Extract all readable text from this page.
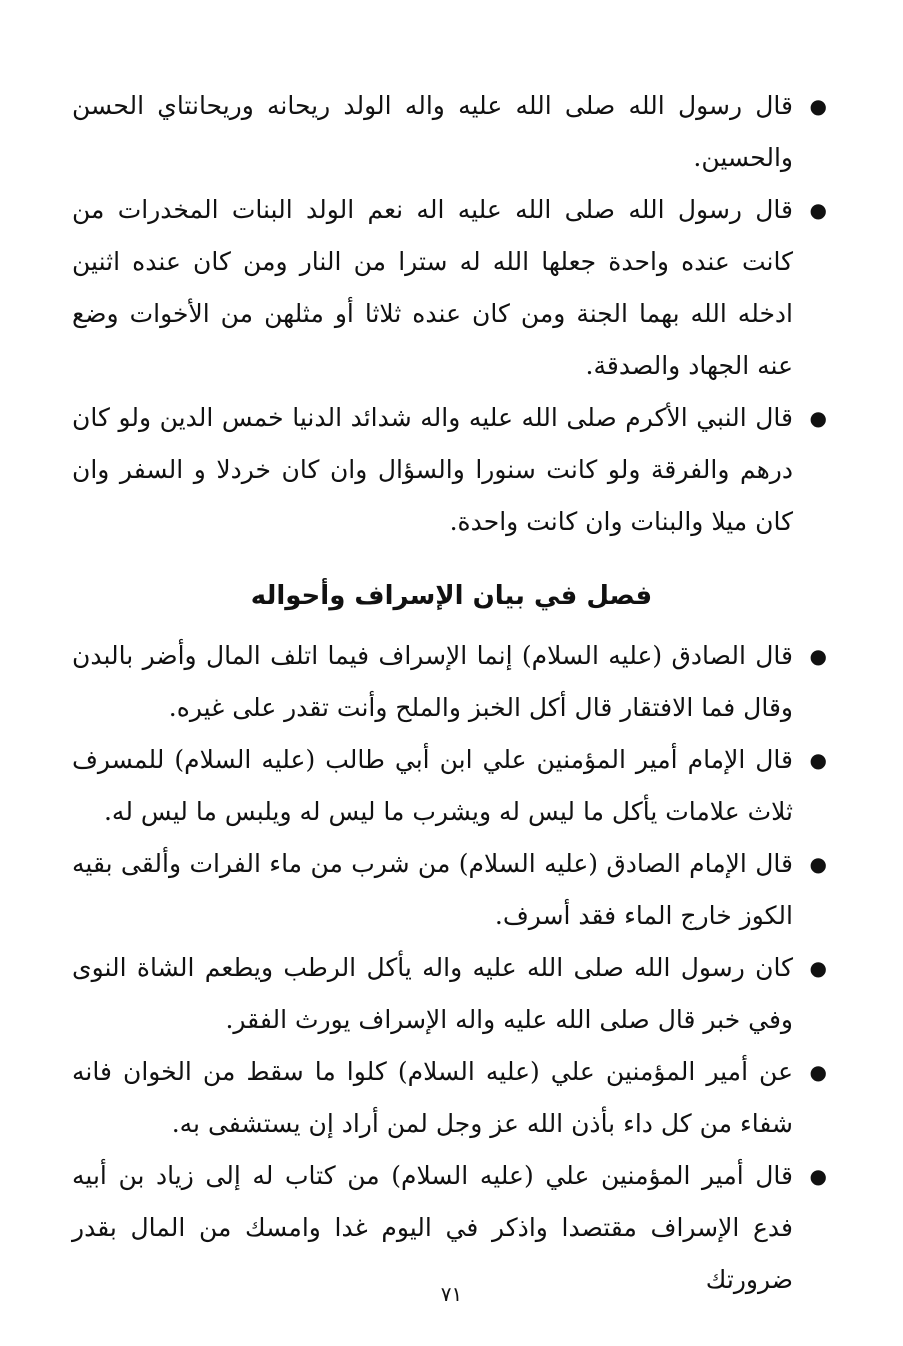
●
قال رسول الله صلى الله عليه واله الولد ريحانه وريحانتاي الحسن والحسين.
●
قال رسول الله صلى الله عليه اله نعم الولد البنات المخدرات من كانت عنده واحدة جعلها الله له سترا من النار ومن كان عنده اثنين ادخله الله بهما الجنة ومن كان عنده ثلاثا أو مثلهن من الأخوات وضع عنه الجهاد والصدقة.
●
قال النبي الأكرم صلى الله عليه واله شدائد الدنيا خمس الدين ولو كان درهم والفرقة ولو كانت سنورا والسؤال وان كان خردلا و السفر وان كان ميلا والبنات وان كانت واحدة.
فصل في بيان الإسراف وأحواله
●
قال الصادق (عليه السلام) إنما الإسراف فيما اتلف المال وأضر بالبدن وقال فما الافتقار قال أكل الخبز والملح وأنت تقدر على غيره.
●
قال الإمام أمير المؤمنين علي ابن أبي طالب (عليه السلام) للمسرف ثلاث علامات يأكل ما ليس له ويشرب ما ليس له ويلبس ما ليس له.
●
قال الإمام الصادق (عليه السلام) من شرب من ماء الفرات وألقى بقيه الكوز خارج الماء فقد أسرف.
●
كان رسول الله صلى الله عليه واله يأكل الرطب ويطعم الشاة النوى وفي خبر قال صلى الله عليه واله الإسراف يورث الفقر.
●
عن أمير المؤمنين علي (عليه السلام) كلوا ما سقط من الخوان فانه شفاء من كل داء بأذن الله عز وجل لمن أراد إن يستشفى به.
●
قال أمير المؤمنين علي (عليه السلام) من كتاب له إلى زياد بن أبيه فدع الإسراف مقتصدا واذكر في اليوم غدا وامسك من المال بقدر ضرورتك
٧١
